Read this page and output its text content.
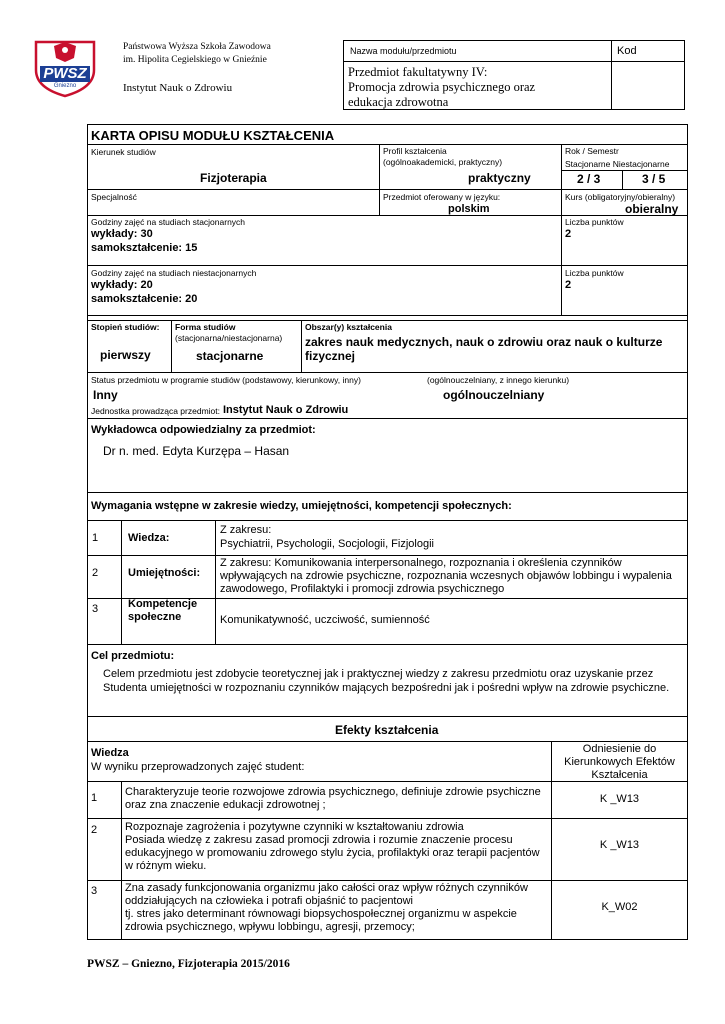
PWSZ
Gniezno
Państwowa Wyższa Szkoła Zawodowa
im. Hipolita Cegielskiego w Gnieźnie
Instytut Nauk o Zdrowiu
Nazwa modułu/przedmiotu	Kod
Przedmiot fakultatywny IV:
Promocja zdrowia psychicznego oraz
edukacja zdrowotna
KARTA OPISU MODUŁU KSZTAŁCENIA
Kierunek studiów
Fizjoterapia
Profil kształcenia
(ogólnoakademicki, praktyczny)
praktyczny
Rok / Semestr
Stacjonarne Niestacjonarne
2 / 3	3 / 5
Specjalność	Przedmiot oferowany w języku:
polskim
Kurs (obligatoryjny/obieralny)
obieralny
Godziny zajęć na studiach stacjonarnych
wykłady: 30
samokształcenie: 15
Liczba punktów
2
Godziny zajęć na studiach niestacjonarnych
wykłady: 20
samokształcenie: 20
Liczba punktów
2
Stopień studiów:
pierwszy
Forma studiów
(stacjonarna/niestacjonarna)
stacjonarne
Obszar(y) kształcenia
zakres nauk medycznych, nauk o zdrowiu oraz nauk o kulturze fizycznej
Status przedmiotu w programie studiów (podstawowy, kierunkowy, inny)
Inny
(ogólnouczelniany, z innego kierunku)
ogólnouczelniany
Jednostka prowadząca przedmiot: Instytut Nauk o Zdrowiu
Wykładowca odpowiedzialny za przedmiot:
Dr n. med. Edyta Kurzępa – Hasan
Wymagania wstępne w zakresie wiedzy, umiejętności, kompetencji społecznych:
1	Wiedza:
Z zakresu:
Psychiatrii, Psychologii, Socjologii, Fizjologii
2	Umiejętności:
Z zakresu: Komunikowania interpersonalnego, rozpoznania i określenia czynników
wpływających na zdrowie psychiczne, rozpoznania wczesnych objawów lobbingu i wypalenia
zawodowego, Profilaktyki i promocji zdrowia psychicznego
3	Kompetencje społeczne	Komunikatywność, uczciwość, sumienność
Cel przedmiotu:
Celem przedmiotu jest zdobycie teoretycznej jak i praktycznej wiedzy z zakresu przedmiotu oraz uzyskanie przez
Studenta umiejętności w rozpoznaniu czynników mających bezpośredni jak i pośredni wpływ na zdrowie psychiczne.
Efekty kształcenia
Wiedza
W wyniku przeprowadzonych zajęć student:
Odniesienie do
Kierunkowych Efektów
Kształcenia
1	Charakteryzuje teorie rozwojowe zdrowia psychicznego, definiuje zdrowie psychiczne
oraz zna znaczenie edukacji zdrowotnej ;	K _W13
2	Rozpoznaje zagrożenia i pozytywne czynniki w kształtowaniu zdrowia
Posiada wiedzę z zakresu zasad promocji zdrowia i rozumie znaczenie procesu
edukacyjnego w promowaniu zdrowego stylu życia, profilaktyki oraz terapii pacjentów
w różnym wieku.
K _W13
3	Zna zasady funkcjonowania organizmu jako całości oraz wpływ różnych czynników
oddziałujących na człowieka i potrafi objaśnić to pacjentowi
tj. stres jako determinant równowagi biopsychospołecznej organizmu w aspekcie
zdrowia psychicznego, wpływu lobbingu, agresji, przemocy;
K_W02
PWSZ – Gniezno, Fizjoterapia 2015/2016
